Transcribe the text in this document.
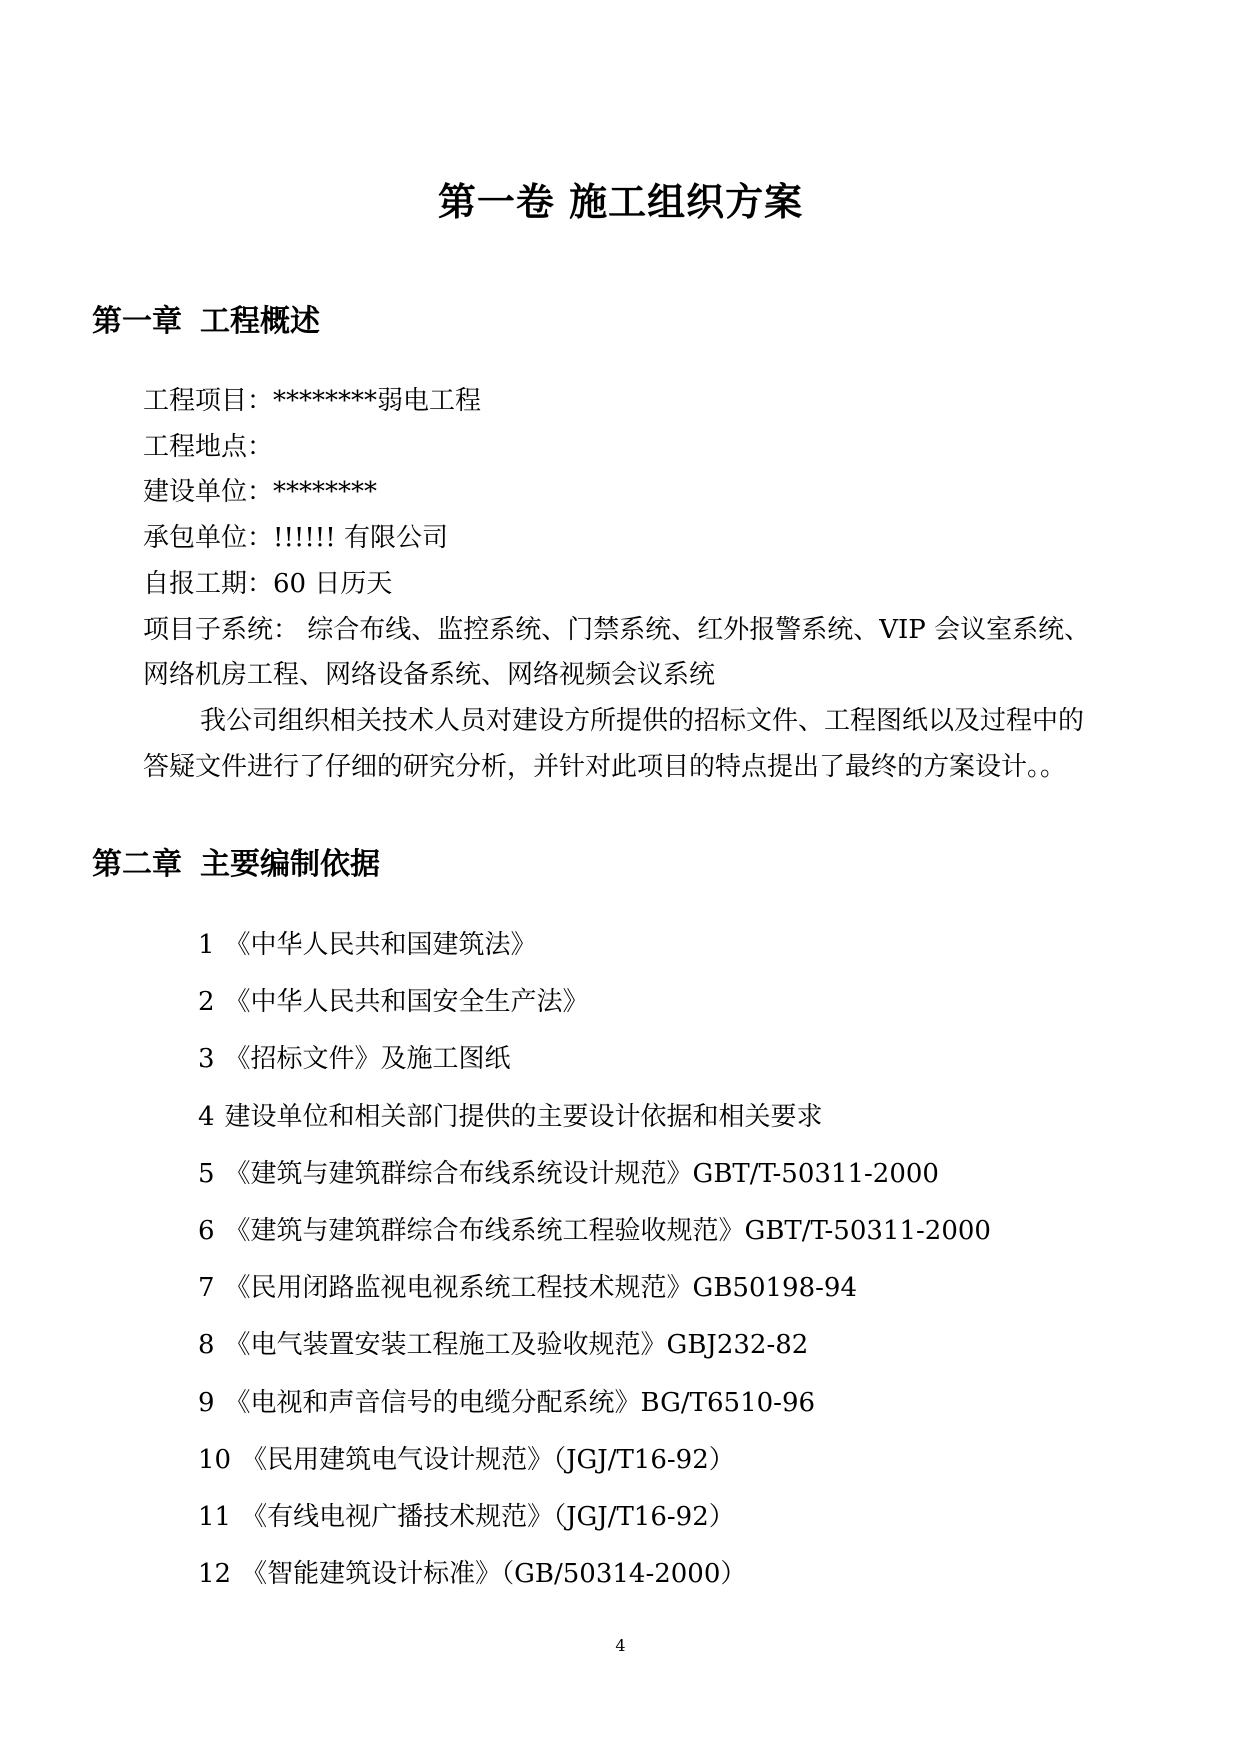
第一卷 施工组织方案
第一章 工程概述
工程项目：********弱电工程
工程地点：
建设单位：********
承包单位：!!!!!! 有限公司
自报工期：60 日历天
项目子系统： 综合布线、监控系统、门禁系统、红外报警系统、VIP 会议室系统、网络机房工程、网络设备系统、网络视频会议系统
我公司组织相关技术人员对建设方所提供的招标文件、工程图纸以及过程中的答疑文件进行了仔细的研究分析，并针对此项目的特点提出了最终的方案设计。。
第二章 主要编制依据
1 《中华人民共和国建筑法》
2 《中华人民共和国安全生产法》
3 《招标文件》及施工图纸
4 建设单位和相关部门提供的主要设计依据和相关要求
5 《建筑与建筑群综合布线系统设计规范》GBT/T-50311-2000
6 《建筑与建筑群综合布线系统工程验收规范》GBT/T-50311-2000
7 《民用闭路监视电视系统工程技术规范》GB50198-94
8 《电气装置安装工程施工及验收规范》GBJ232-82
9 《电视和声音信号的电缆分配系统》BG/T6510-96
10 《民用建筑电气设计规范》（JGJ/T16-92）
11 《有线电视广播技术规范》（JGJ/T16-92）
12 《智能建筑设计标准》（GB/50314-2000）
4
